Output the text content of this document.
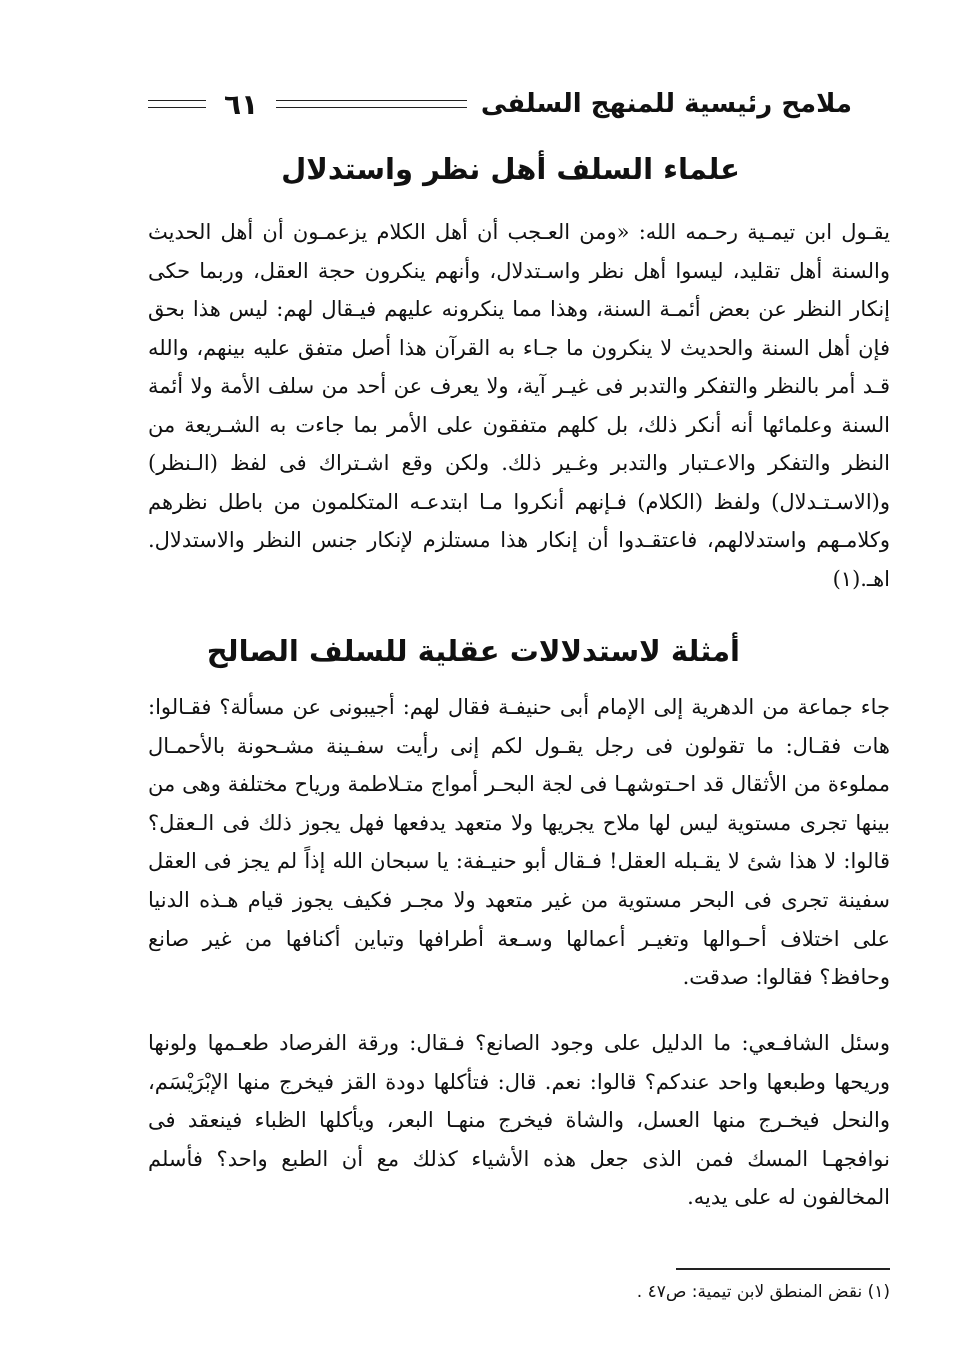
ملامح رئيسية للمنهج السلفى
٦١
علماء السلف أهل نظر واستدلال

يقـول ابن تيمـية رحـمه الله: «ومن العـجب أن أهل الكلام يزعمـون أن أهل الحديث والسنة أهل تقليد، ليسوا أهل نظر واسـتدلال، وأنهم ينكرون حجة العقل، وربما حكى إنكار النظر عن بعض أئمـة السنة، وهذا مما ينكرونه عليهم فيـقال لهم: ليس هذا بحق فإن أهل السنة والحديث لا ينكرون ما جـاء به القرآن هذا أصل متفق عليه بينهم، والله قـد أمر بالنظر والتفكر والتدبر فى غيـر آية، ولا يعرف عن أحد من سلف الأمة ولا أئمة السنة وعلمائها أنه أنكر ذلك، بل كلهم متفقون على الأمر بما جاءت به الشـريعة من النظر والتفكر والاعـتبار والتدبر وغـير ذلك. ولكن وقع اشـتراك فى لفظ (الـنظر) و(الاسـتـدلال) ولفظ (الكلام) فـإنهم أنكروا مـا ابتدعـه المتكلمون من باطل نظرهم وكلامـهم واستدلالهم، فاعتقـدوا أن إنكار هذا مستلزم لإنكار جنس النظر والاستدلال. اهـ.(١)

أمثلة لاستدلالات عقلية للسلف الصالح

جاء جماعة من الدهرية إلى الإمام أبى حنيفـة فقال لهم: أجيبونى عن مسألة؟ فقـالوا: هات فقـال: ما تقولون فى رجل يقـول لكم إنى رأيت سفـينة مشـحونة بالأحمـال مملوءة من الأثقال قد احـتوشهـا فى لجة البحـر أمواج متـلاطمة ورياح مختلفة وهى من بينها تجرى مستوية ليس لها ملاح يجريها ولا متعهد يدفعها فهل يجوز ذلك فى الـعقل؟ قالوا: لا هذا شئ لا يقـبله العقل! فـقال أبو حنيـفة: يا سبحان الله إذاً لم يجز فى العقل سفينة تجرى فى البحر مستوية من غير متعهد ولا مجـر فكيف يجوز قيام هـذه الدنيا على اختلاف أحـوالها وتغيـر أعمالها وسـعة أطرافها وتباين أكنافها من غير صانع وحافظ؟ فقالوا: صدقت.

وسئل الشافـعي: ما الدليل على وجود الصانع؟ فـقال: ورقة الفرصاد طعـمها ولونها وريحها وطبعها واحد عندكم؟ قالوا: نعم. قال: فتأكلها دودة القز فيخرج منها الإبْرَيْسَم، والنحل فيخـرج منها العسل، والشاة فيخرج منهـا البعر، ويأكلها الظباء فينعقد فى نوافجهـا المسك فمن الذى جعل هذه الأشياء كذلك مع أن الطبع واحد؟ فأسلم المخالفون له على يديه.

(١) نقض المنطق لابن تيمية: ص٤٧ .
